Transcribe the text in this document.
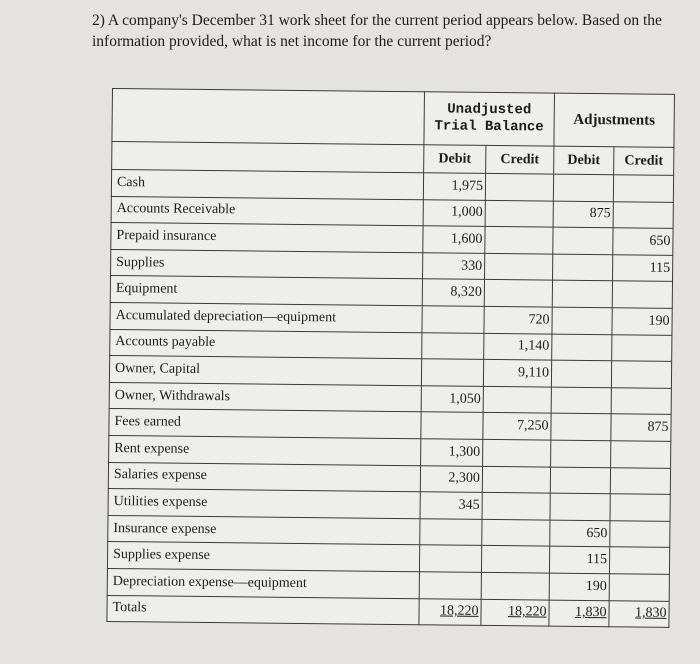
2) A company's December 31 work sheet for the current period appears below. Based on the information provided, what is net income for the current period?

	Unadjusted Trial Balance		Adjustments	
	Debit	Credit	Debit	Credit
Cash	1,975			
Accounts Receivable	1,000		875	
Prepaid insurance	1,600			650
Supplies	330			115
Equipment	8,320			
Accumulated depreciation—equipment		720		190
Accounts payable		1,140		
Owner, Capital		9,110		
Owner, Withdrawals	1,050			
Fees earned		7,250		875
Rent expense	1,300			
Salaries expense	2,300			
Utilities expense	345			
Insurance expense			650	
Supplies expense			115	
Depreciation expense—equipment			190	
Totals	18,220	18,220	1,830	1,830
